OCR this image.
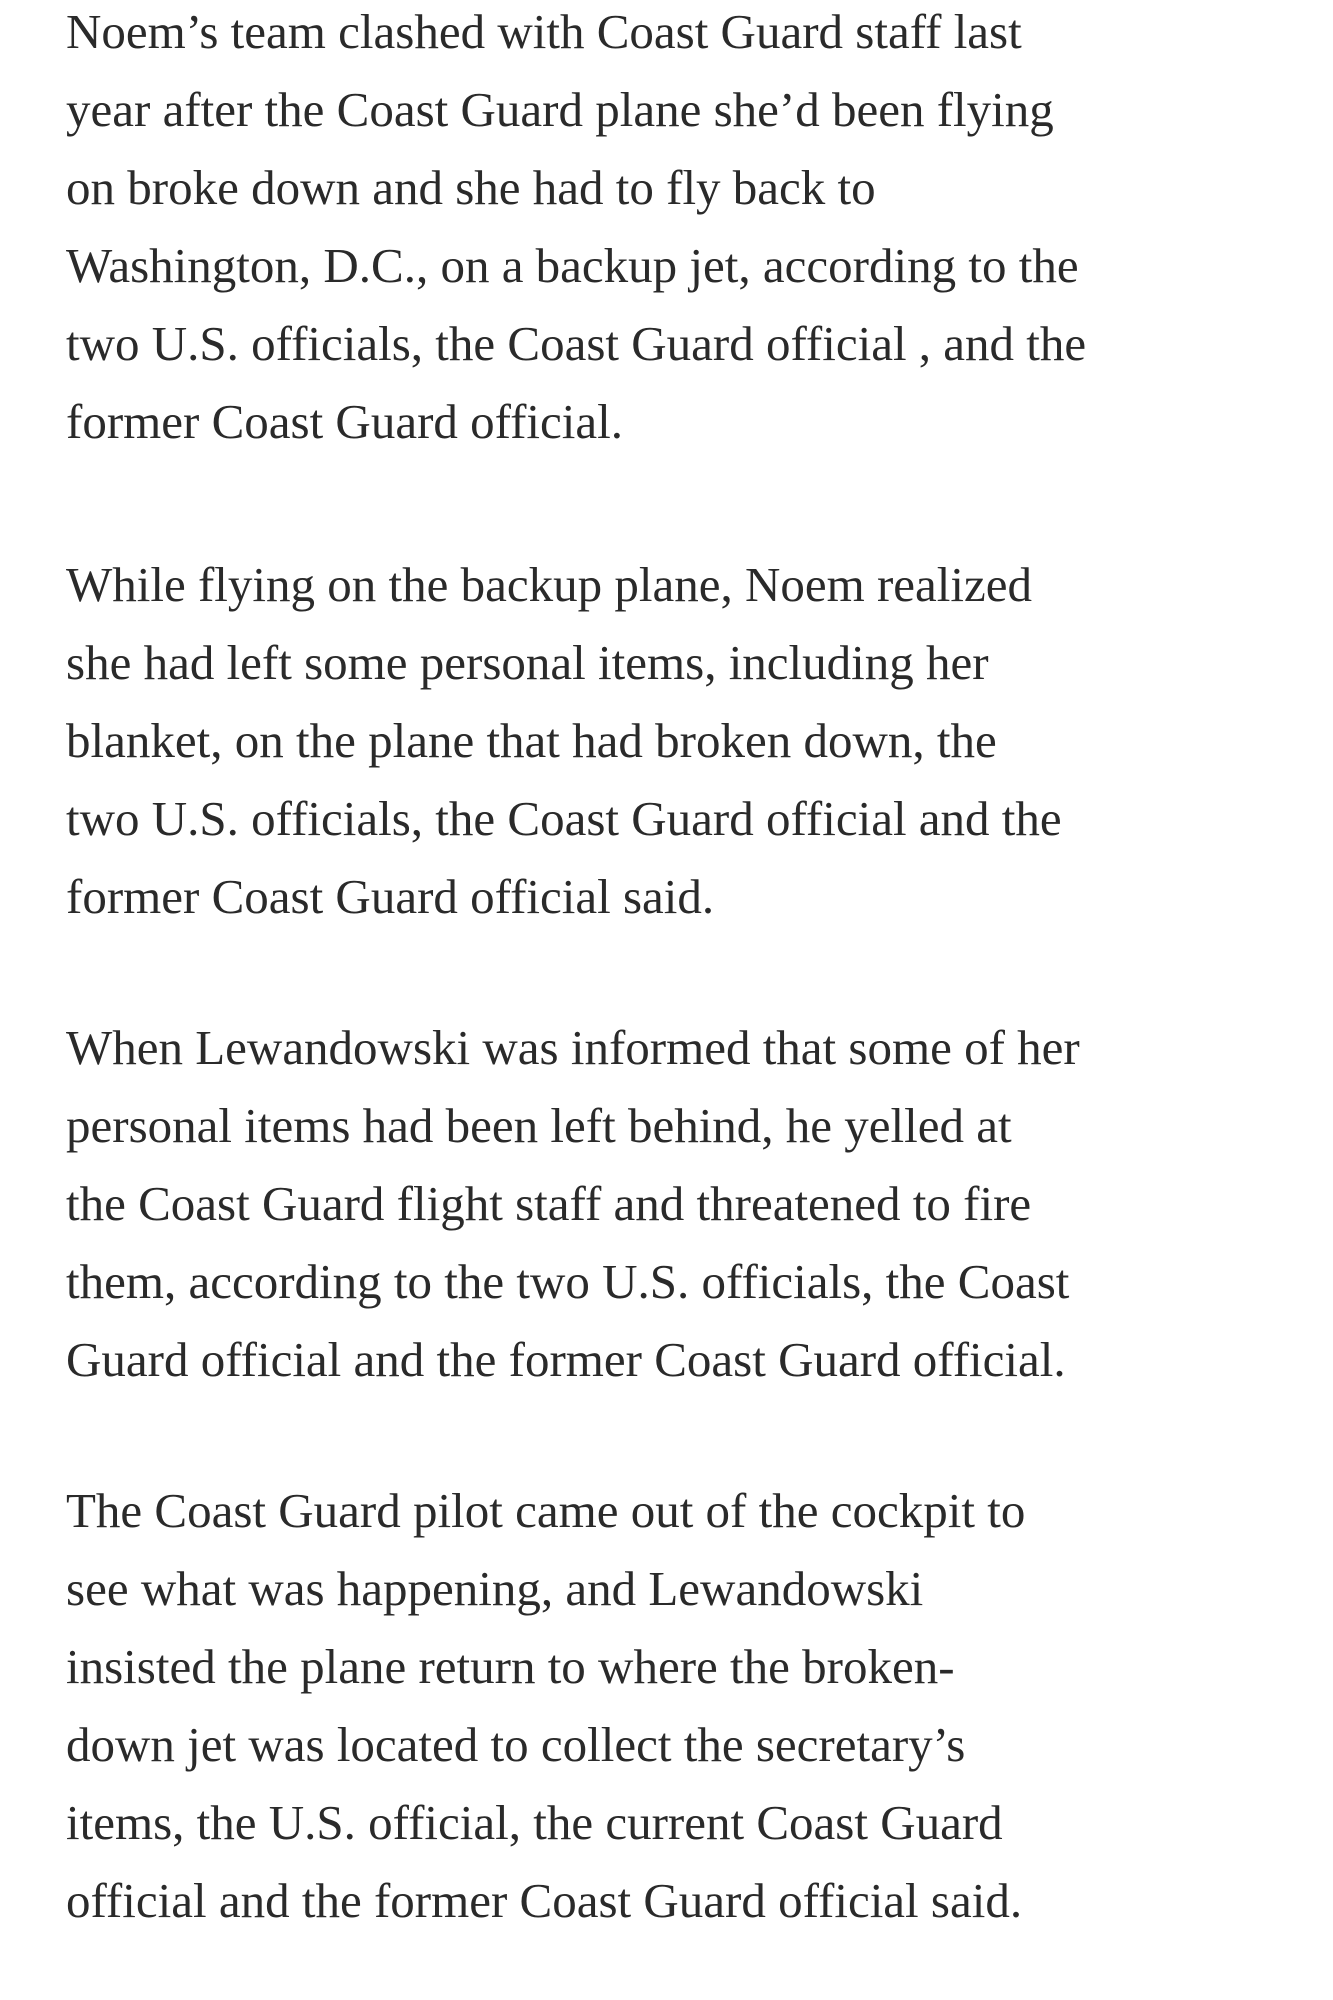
Noem’s team clashed with Coast Guard staff last
year after the Coast Guard plane she’d been flying
on broke down and she had to fly back to
Washington, D.C., on a backup jet, according to the
two U.S. officials, the Coast Guard official , and the
former Coast Guard official.

While flying on the backup plane, Noem realized
she had left some personal items, including her
blanket, on the plane that had broken down, the
two U.S. officials, the Coast Guard official and the
former Coast Guard official said.

When Lewandowski was informed that some of her
personal items had been left behind, he yelled at
the Coast Guard flight staff and threatened to fire
them, according to the two U.S. officials, the Coast
Guard official and the former Coast Guard official.

The Coast Guard pilot came out of the cockpit to
see what was happening, and Lewandowski
insisted the plane return to where the broken-
down jet was located to collect the secretary’s
items, the U.S. official, the current Coast Guard
official and the former Coast Guard official said.
